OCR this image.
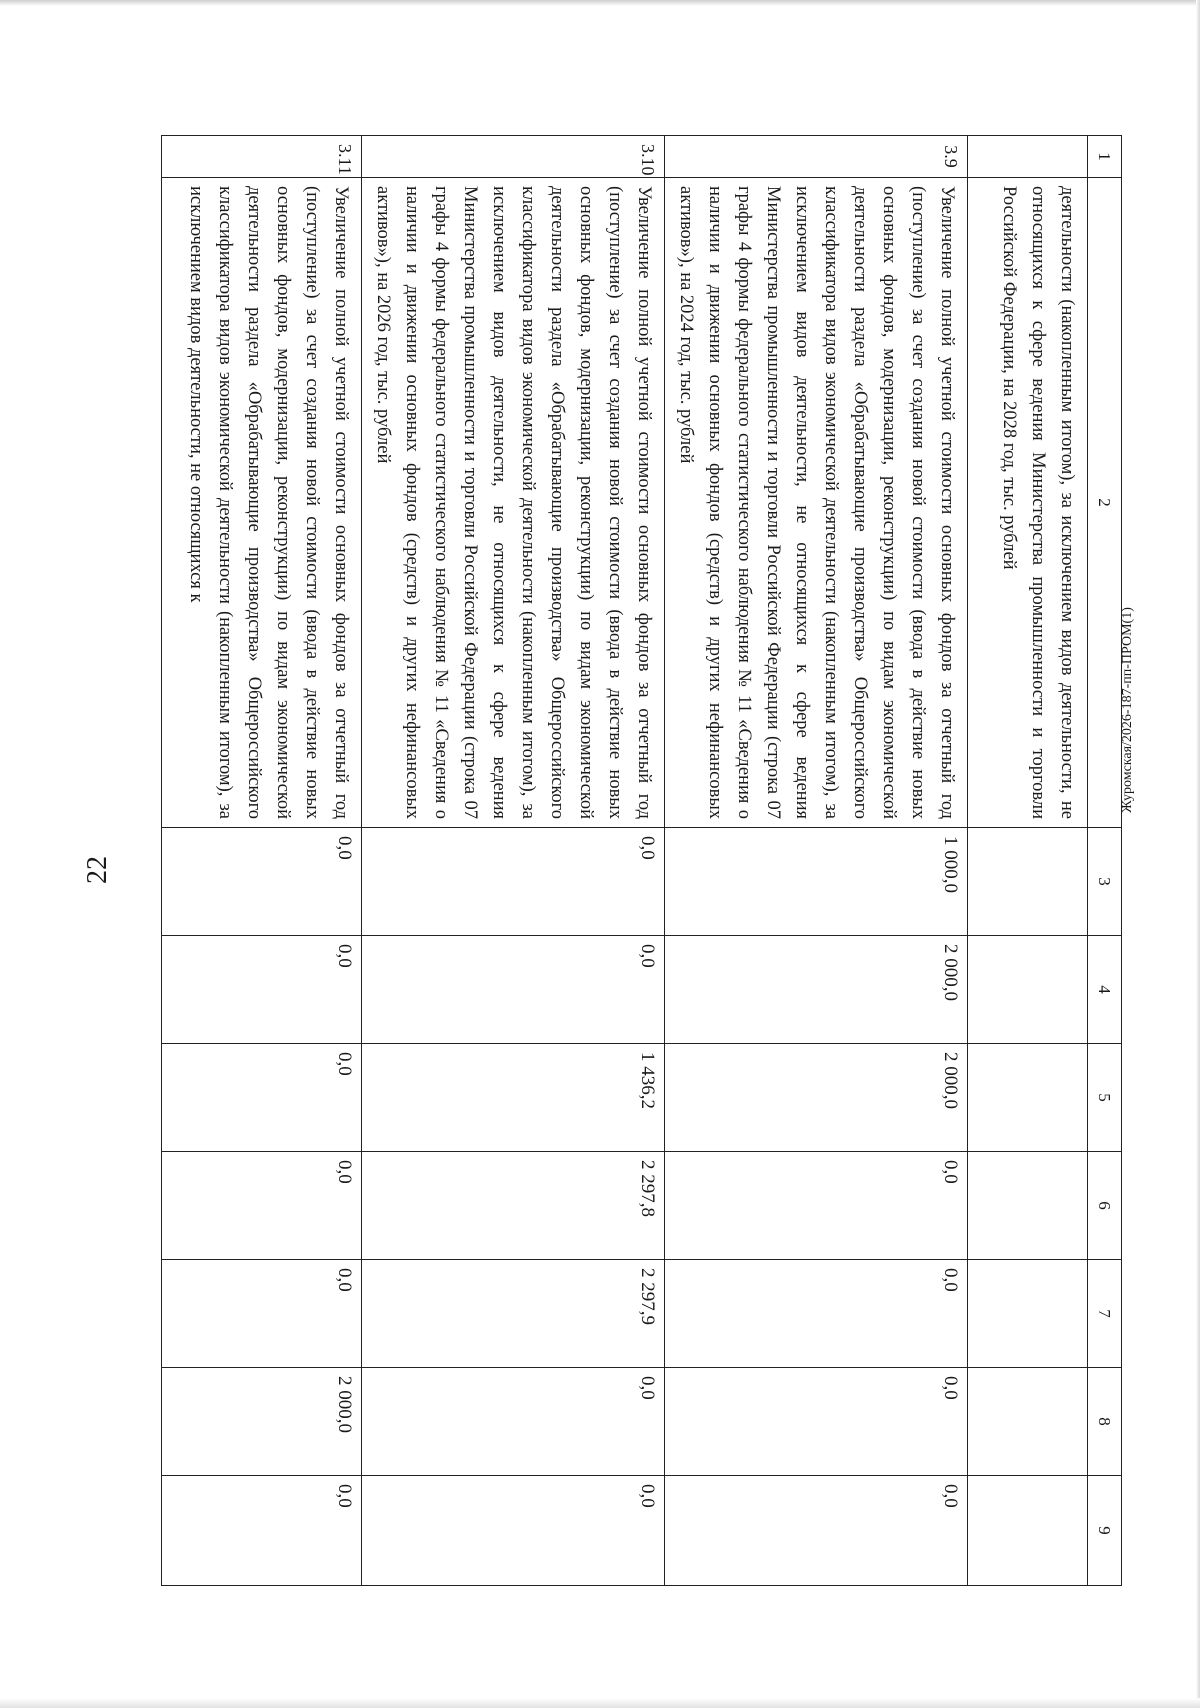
22
Журомская/2026-187-пп-ПРОМ(1)
1	2	3	4	5	6	7	8	9
	деятельности (накопленным итогом), за исключением видов деятельности, не относящихся к сфере ведения Министерства промышленности и торговли Российской Федерации, на 2028 год, тыс. рублей							
3.9	Увеличение полной учетной стоимости основных фондов за отчетный год (поступление) за счет создания новой стоимости (ввода в действие новых основных фондов, модернизации, реконструкции) по видам экономической деятельности раздела «Обрабатывающие производства» Общероссийского классификатора видов экономической деятельности (накопленным итогом), за исключением видов деятельности, не относящихся к сфере ведения Министерства промышленности и торговли Российской Федерации (строка 07 графы 4 формы федерального статистического наблюдения № 11 «Сведения о наличии и движении основных фондов (средств) и других нефинансовых активов»), на 2024 год, тыс. рублей	1 000,0	2 000,0	2 000,0	0,0	0,0	0,0	0,0
3.10	Увеличение полной учетной стоимости основных фондов за отчетный год (поступление) за счет создания новой стоимости (ввода в действие новых основных фондов, модернизации, реконструкции) по видам экономической деятельности раздела «Обрабатывающие производства» Общероссийского классификатора видов экономической деятельности (накопленным итогом), за исключением видов деятельности, не относящихся к сфере ведения Министерства промышленности и торговли Российской Федерации (строка 07 графы 4 формы федерального статистического наблюдения № 11 «Сведения о наличии и движении основных фондов (средств) и других нефинансовых активов»), на 2026 год, тыс. рублей	0,0	0,0	1 436,2	2 297,8	2 297,9	0,0	0,0
3.11	Увеличение полной учетной стоимости основных фондов за отчетный год (поступление) за счет создания новой стоимости (ввода в действие новых основных фондов, модернизации, реконструкции) по видам экономической деятельности раздела «Обрабатывающие производства» Общероссийского классификатора видов экономической деятельности (накопленным итогом), за исключением видов деятельности, не относящихся к	0,0	0,0	0,0	0,0	0,0	2 000,0	0,0
